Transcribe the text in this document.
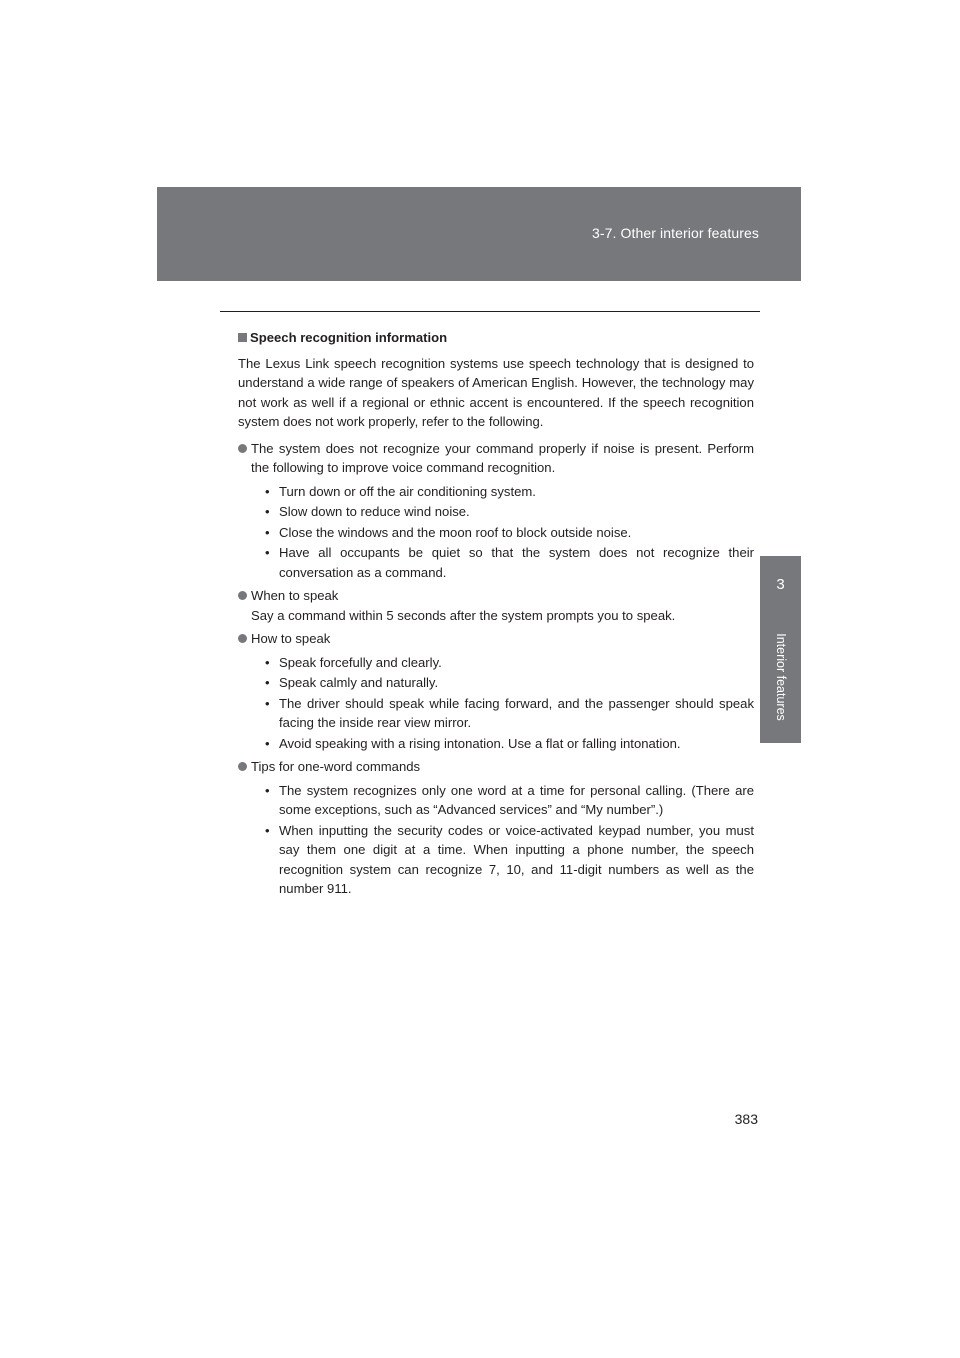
3-7. Other interior features
3
Interior features
Speech recognition information

The Lexus Link speech recognition systems use speech technology that is designed to understand a wide range of speakers of American English. However, the technology may not work as well if a regional or ethnic accent is encountered. If the speech recognition system does not work properly, refer to the following.

The system does not recognize your command properly if noise is present. Perform the following to improve voice command recognition.
• Turn down or off the air conditioning system.
• Slow down to reduce wind noise.
• Close the windows and the moon roof to block outside noise.
• Have all occupants be quiet so that the system does not recognize their conversation as a command.
When to speak
Say a command within 5 seconds after the system prompts you to speak.
How to speak
• Speak forcefully and clearly.
• Speak calmly and naturally.
• The driver should speak while facing forward, and the passenger should speak facing the inside rear view mirror.
• Avoid speaking with a rising intonation. Use a flat or falling intonation.
Tips for one-word commands
• The system recognizes only one word at a time for personal calling. (There are some exceptions, such as “Advanced services” and “My number”.)
• When inputting the security codes or voice-activated keypad number, you must say them one digit at a time. When inputting a phone number, the speech recognition system can recognize 7, 10, and 11-digit numbers as well as the number 911.
383
